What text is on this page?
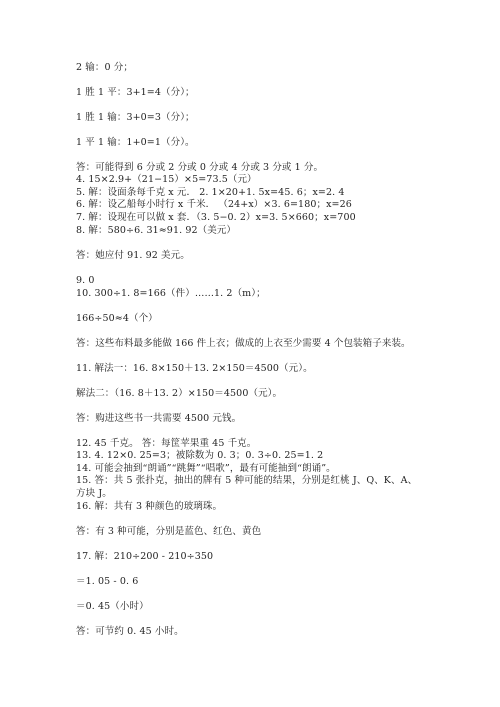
2 输：0 分；
1 胜 1 平：3+1=4（分）；
1 胜 1 输：3+0=3（分）；
1 平 1 输：1+0=1（分）。
答：可能得到 6 分或 2 分或 0 分或 4 分或 3 分或 1 分。
4. 15×2.9+（21−15）×5=73.5（元）
5. 解：设面条每千克 x 元． 2. 1×20+1. 5x=45. 6；x=2. 4
6. 解：设乙船每小时行 x 千米． （24+x）×3. 6=180；x=26
7. 解：设现在可以做 x 套．（3. 5−0. 2）x=3. 5×660；x=700
8. 解：580÷6. 31≈91. 92（美元）
答：她应付 91. 92 美元。
9. 0
10. 300÷1. 8=166（件）……1. 2（m）；
166÷50≈4（个）
答：这些布料最多能做 166 件上衣；做成的上衣至少需要 4 个包装箱子来装。
11. 解法一：16. 8×150＋13. 2×150＝4500（元）。
解法二：（16. 8＋13. 2）×150＝4500（元）。
答：购进这些书一共需要 4500 元钱。
12. 45 千克。 答：每筐苹果重 45 千克。
13. 4. 12×0. 25=3；被除数为 0. 3；0. 3÷0. 25=1. 2
14. 可能会抽到“朗诵”“跳舞”“唱歌”，最有可能抽到“朗诵”。
15. 答：共 5 张扑克，抽出的牌有 5 种可能的结果，分别是红桃 J、Q、K、A、
方块 J。
16. 解：共有 3 种颜色的玻璃珠。
答：有 3 种可能，分别是蓝色、红色、黄色
17. 解：210÷200 - 210÷350
＝1. 05 - 0. 6
＝0. 45（小时）
答：可节约 0. 45 小时。
